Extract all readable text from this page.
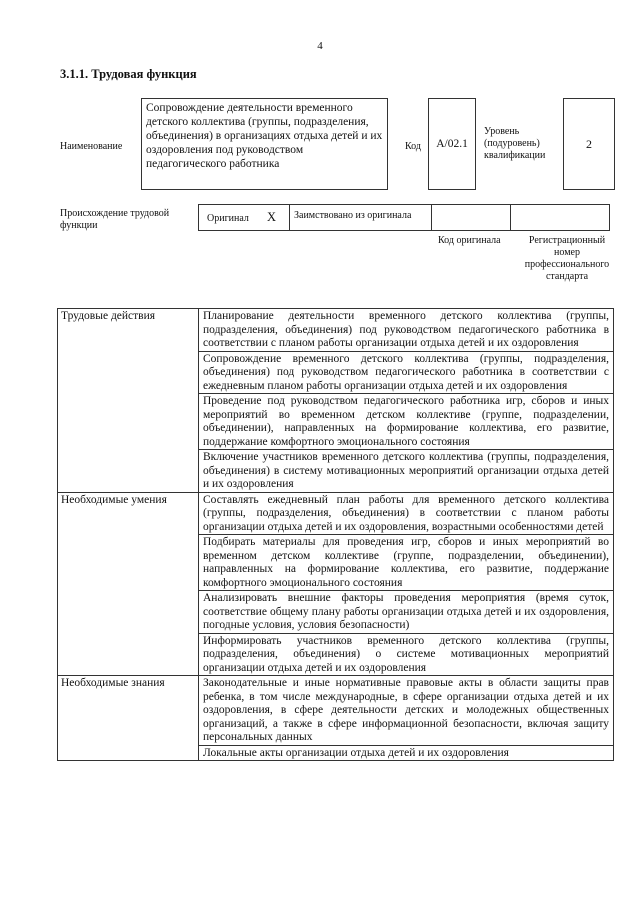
4
3.1.1. Трудовая функция
Наименование
Сопровождение деятельности временного детского коллектива (группы, подразделения, объединения) в организациях отдыха детей и их оздоровления под руководством педагогического работника
Код	А/02.1
Уровень (подуровень) квалификации
2
Происхождение трудовой функции
Оригинал Х	Заимствовано из оригинала
Код оригинала	Регистрационный номер профессионального стандарта
Трудовые действия	Планирование деятельности временного детского коллектива (группы, подразделения, объединения) под руководством педагогического работника в соответствии с планом работы организации отдыха детей и их оздоровления
	Сопровождение временного детского коллектива (группы, подразделения, объединения) под руководством педагогического работника в соответствии с ежедневным планом работы организации отдыха детей и их оздоровления
	Проведение под руководством педагогического работника игр, сборов и иных мероприятий во временном детском коллективе (группе, подразделении, объединении), направленных на формирование коллектива, его развитие, поддержание комфортного эмоционального состояния
	Включение участников временного детского коллектива (группы, подразделения, объединения) в систему мотивационных мероприятий организации отдыха детей и их оздоровления
Необходимые умения	Составлять ежедневный план работы для временного детского коллектива (группы, подразделения, объединения) в соответствии с планом работы организации отдыха детей и их оздоровления, возрастными особенностями детей
	Подбирать материалы для проведения игр, сборов и иных мероприятий во временном детском коллективе (группе, подразделении, объединении), направленных на формирование коллектива, его развитие, поддержание комфортного эмоционального состояния
	Анализировать внешние факторы проведения мероприятия (время суток, соответствие общему плану работы организации отдыха детей и их оздоровления, погодные условия, условия безопасности)
	Информировать участников временного детского коллектива (группы, подразделения, объединения) о системе мотивационных мероприятий организации отдыха детей и их оздоровления
Необходимые знания	Законодательные и иные нормативные правовые акты в области защиты прав ребенка, в том числе международные, в сфере организации отдыха детей и их оздоровления, в сфере деятельности детских и молодежных общественных организаций, а также в сфере информационной безопасности, включая защиту персональных данных
	Локальные акты организации отдыха детей и их оздоровления
